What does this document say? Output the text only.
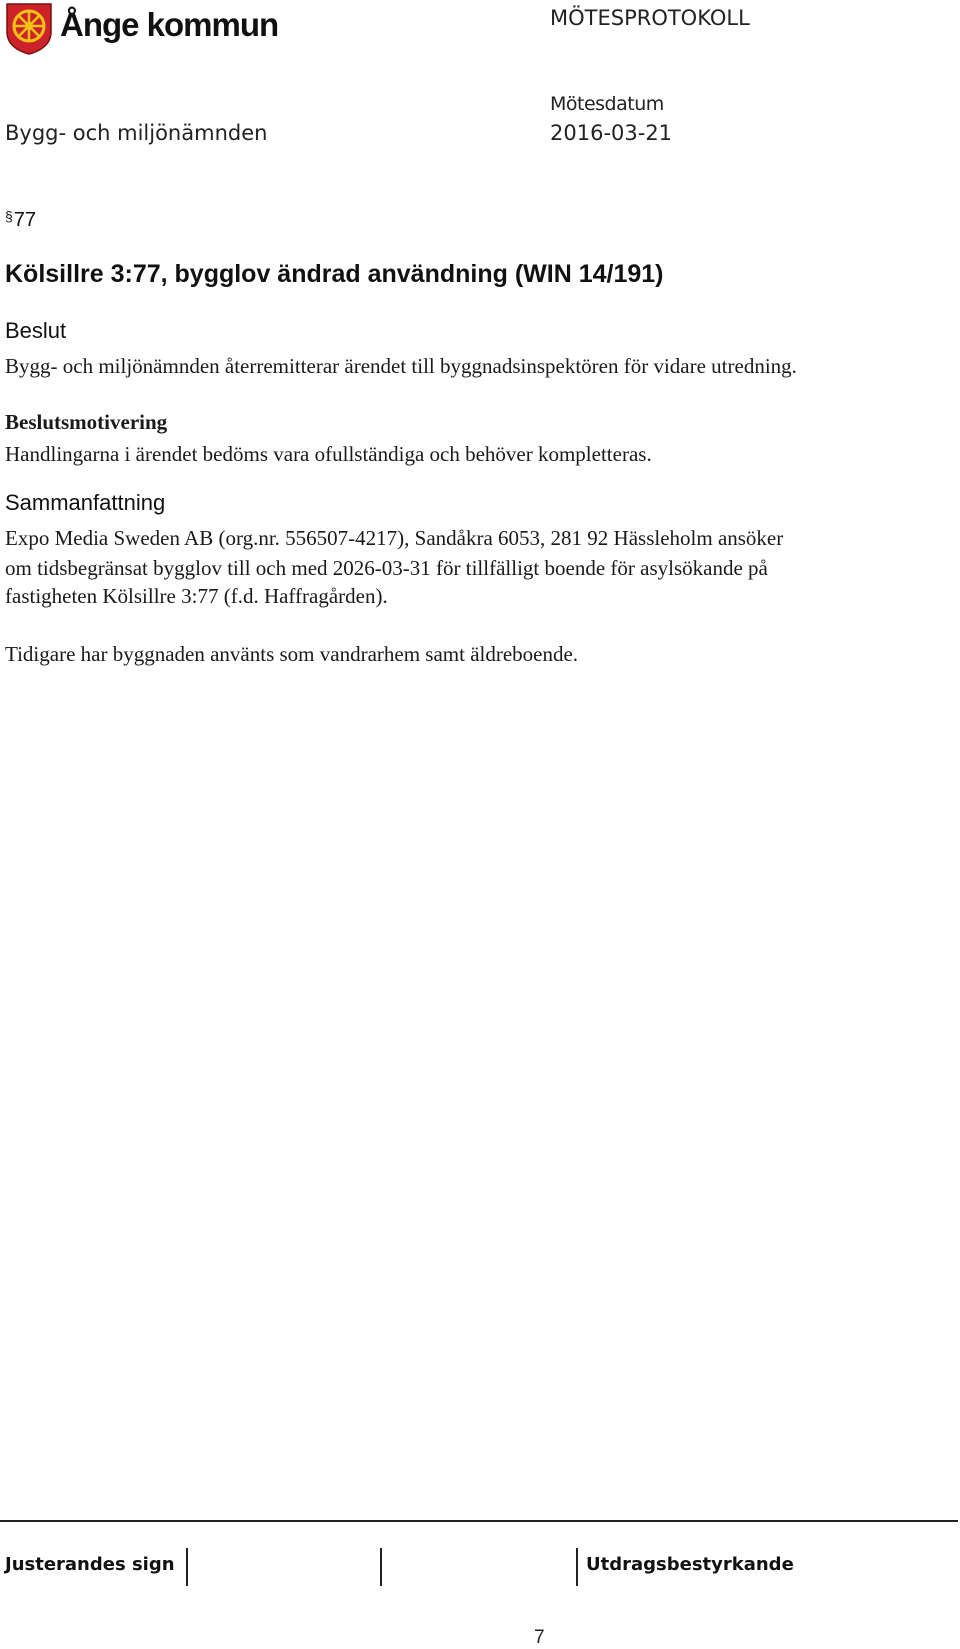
Ånge kommun	MÖTESPROTOKOLL
Mötesdatum
Bygg- och miljönämnden	2016-03-21
§77
Kölsillre 3:77, bygglov ändrad användning (WIN 14/191)
Beslut
Bygg- och miljönämnden återremitterar ärendet till byggnadsinspektören för vidare utredning.
Beslutsmotivering
Handlingarna i ärendet bedöms vara ofullständiga och behöver kompletteras.
Sammanfattning
Expo Media Sweden AB (org.nr. 556507-4217), Sandåkra 6053, 281 92 Hässleholm ansöker
om tidsbegränsat bygglov till och med 2026-03-31 för tillfälligt boende för asylsökande på
fastigheten Kölsillre 3:77 (f.d. Haffragården).
Tidigare har byggnaden använts som vandrarhem samt äldreboende.
Justerandes sign	Utdragsbestyrkande
7
